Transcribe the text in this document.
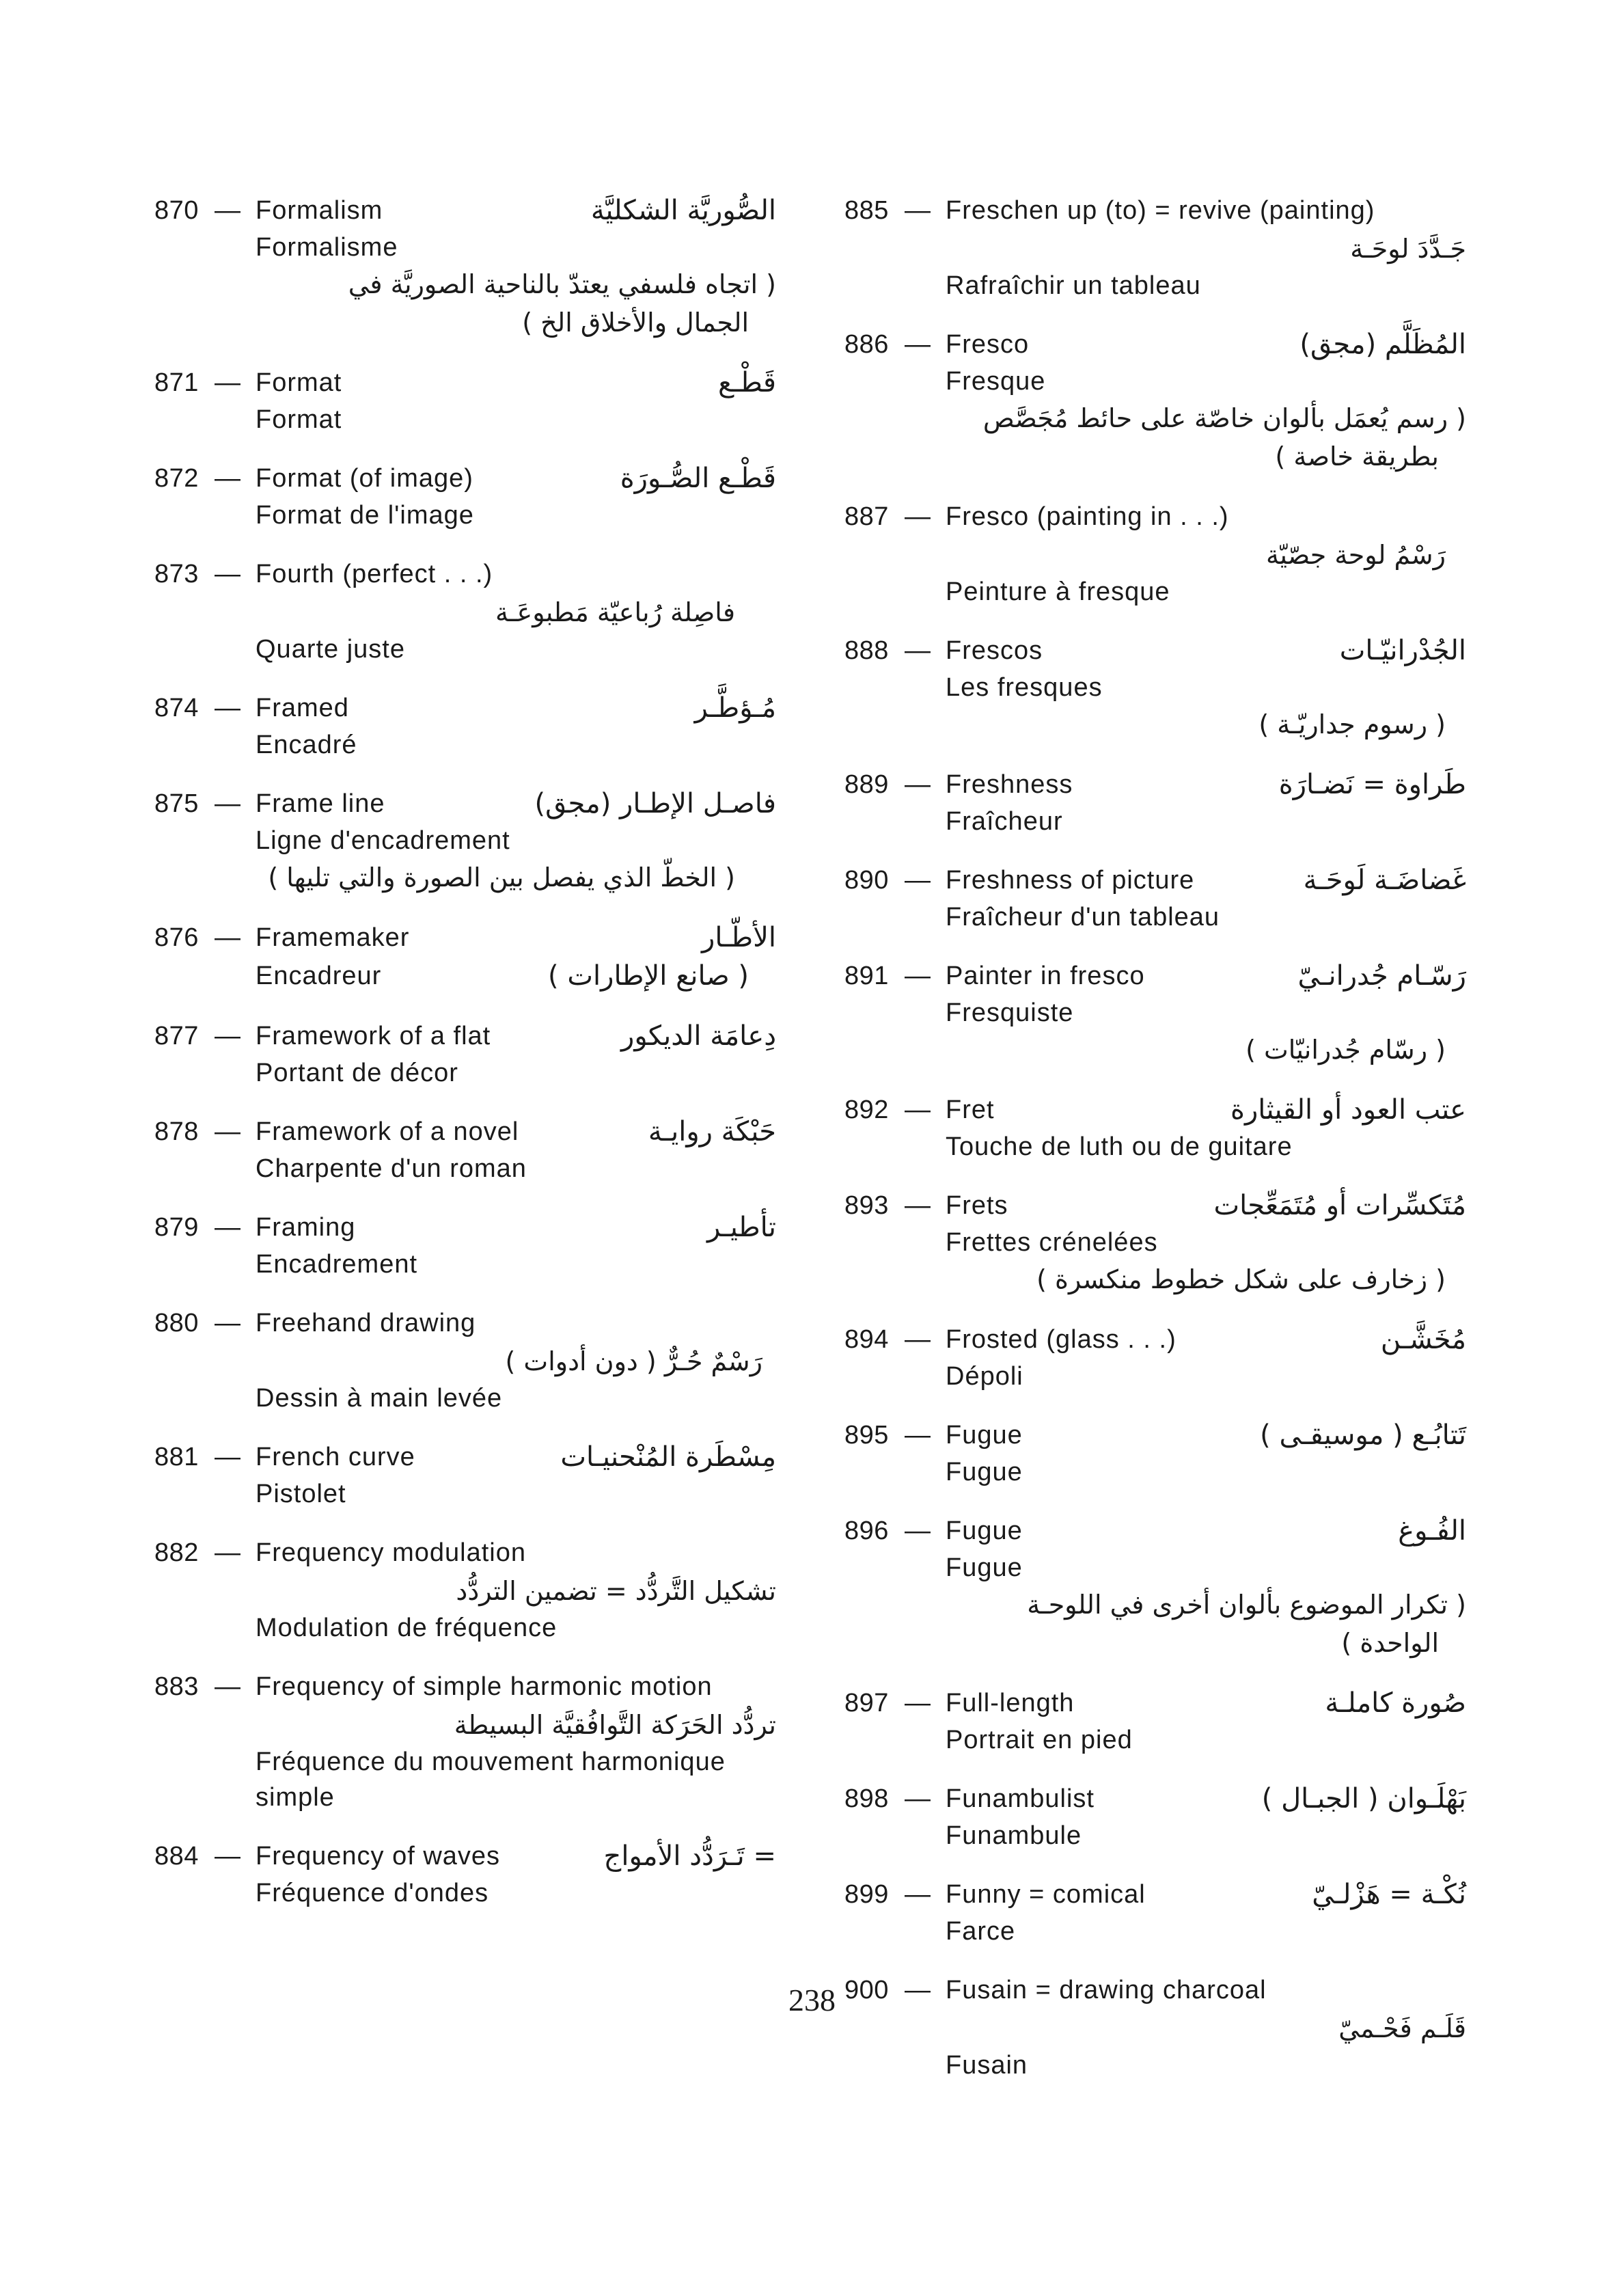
870 — Formalism	الصُّوريَّة الشكليَّة
Formalisme
( اتجاه فلسفي يعتدّ بالناحية الصوريَّة في
الجمال والأخلاق الخ )
871 — Format	قَطْـع
Format
872 — Format (of image)	قَطْـع الصُّـورَة
Format de l'image
873 — Fourth (perfect . . .)
فاصِلة رُباعيّة مَطبوعَـة
Quarte juste
874 — Framed	مُـؤطَّـر
Encadré
875 — Frame line	فاصـل الإطـار (مجق)
Ligne d'encadrement
( الخطّ الذي يفصل بين الصورة والتي تليها )
876 — Framemaker	الأطّـار
Encadreur	( صانع الإطارات )
877 — Framework of a flat	دِعامَة الديكور
Portant de décor
878 — Framework of a novel	حَبْكَة روايـة
Charpente d'un roman
879 — Framing	تأطيـر
Encadrement
880 — Freehand drawing
رَسْمٌ حُـرٌّ ( دون أدوات )
Dessin à main levée
881 — French curve	مِسْطَرة المُنْحنيـات
Pistolet
882 — Frequency modulation
تشكيل التَّردُّد = تضمين التردُّد
Modulation de fréquence
883 — Frequency of simple harmonic motion
تردُّد الحَرَكة التَّوافُقيَّة البسيطة
Fréquence du mouvement harmonique
simple
884 — Frequency of waves	= تَـرَدُّد الأمواج
Fréquence d'ondes
885 — Freschen up (to) = revive (painting)
جَـدَّدَ لوحَـة
Rafraîchir un tableau
886 — Fresco	المُظَلَّم (مجق)
Fresque
( رسم يُعمَل بألوان خاصّة على حائط مُجَصَّص
بطريقة خاصة )
887 — Fresco (painting in . . .)
رَسْمُ لوحة جصّيّة
Peinture à fresque
888 — Frescos	الجُدْرانيّـات
Les fresques
( رسوم جداريّـة )
889 — Freshness	طَراوة = نَضـارَة
Fraîcheur
890 — Freshness of picture	غَضاضَـة لَوحَـة
Fraîcheur d'un tableau
891 — Painter in fresco	رَسّـام جُدرانـيّ
Fresquiste
( رسّام جُدرانيّات )
892 — Fret	عتب العود أو القيثارة
Touche de luth ou de guitare
893 — Frets	مُتَكسِّرات أو مُتَمَعِّجات
Frettes crénelées
( زخارف على شكل خطوط منكسرة )
894 — Frosted (glass . . .)	مُخَشَّـن
Dépoli
895 — Fugue	تَتابُـع ( موسيقـى )
Fugue
896 — Fugue	الفُـوغ
Fugue
( تكرار الموضوع بألوان أخرى في اللوحـة
الواحدة )
897 — Full-length	صُورة كاملـة
Portrait en pied
898 — Funambulist	بَهْلَـوان ( الجبـال )
Funambule
899 — Funny = comical	نُكْـة = هَزْلـيّ
Farce
900 — Fusain = drawing charcoal
قَلَـم فَحْـميّ
Fusain
238
